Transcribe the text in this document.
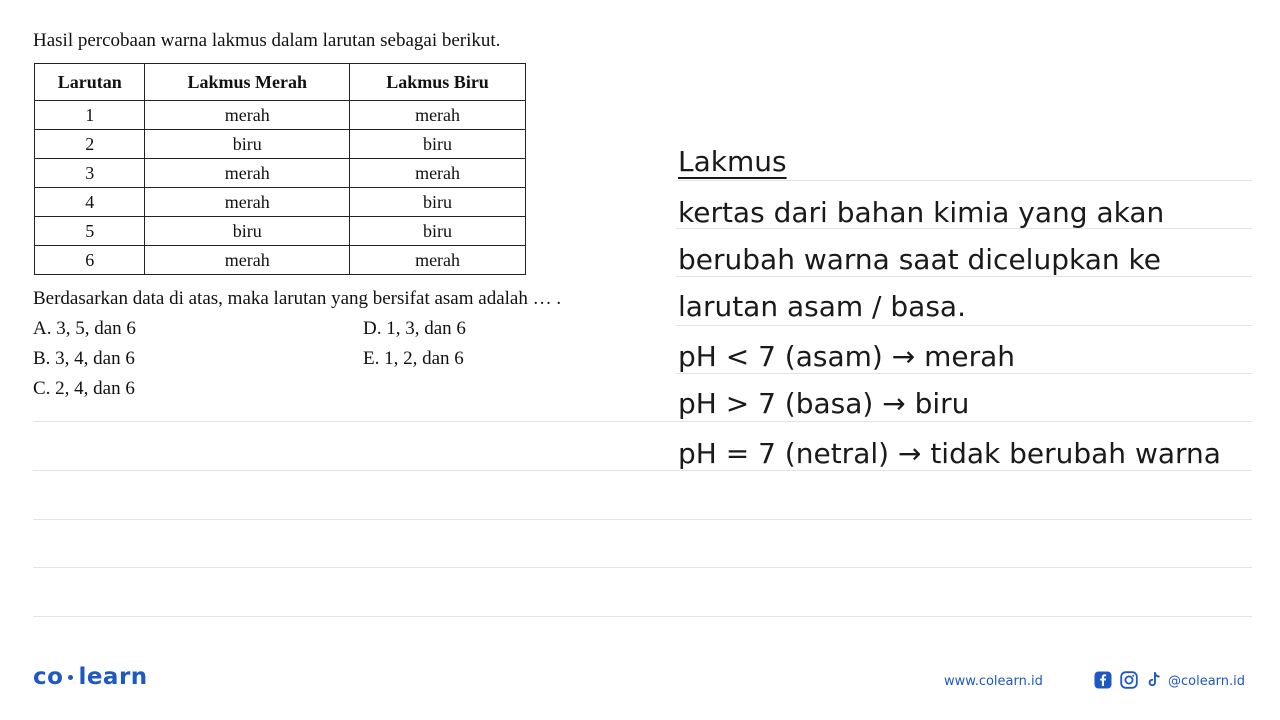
Hasil percobaan warna lakmus dalam larutan sebagai berikut.
Larutan	Lakmus Merah	Lakmus Biru
1	merah	merah
2	biru	biru
3	merah	merah
4	merah	biru
5	biru	biru
6	merah	merah
Berdasarkan data di atas, maka larutan yang bersifat asam adalah … .
A. 3, 5, dan 6
B. 3, 4, dan 6
C. 2, 4, dan 6
D. 1, 3, dan 6
E. 1, 2, dan 6
Lakmus
kertas dari bahan kimia yang akan
berubah warna saat dicelupkan ke
larutan asam / basa.
pH < 7 (asam) → merah
pH > 7 (basa) → biru
pH = 7 (netral) → tidak berubah warna
co learn	www.colearn.id	@colearn.id
